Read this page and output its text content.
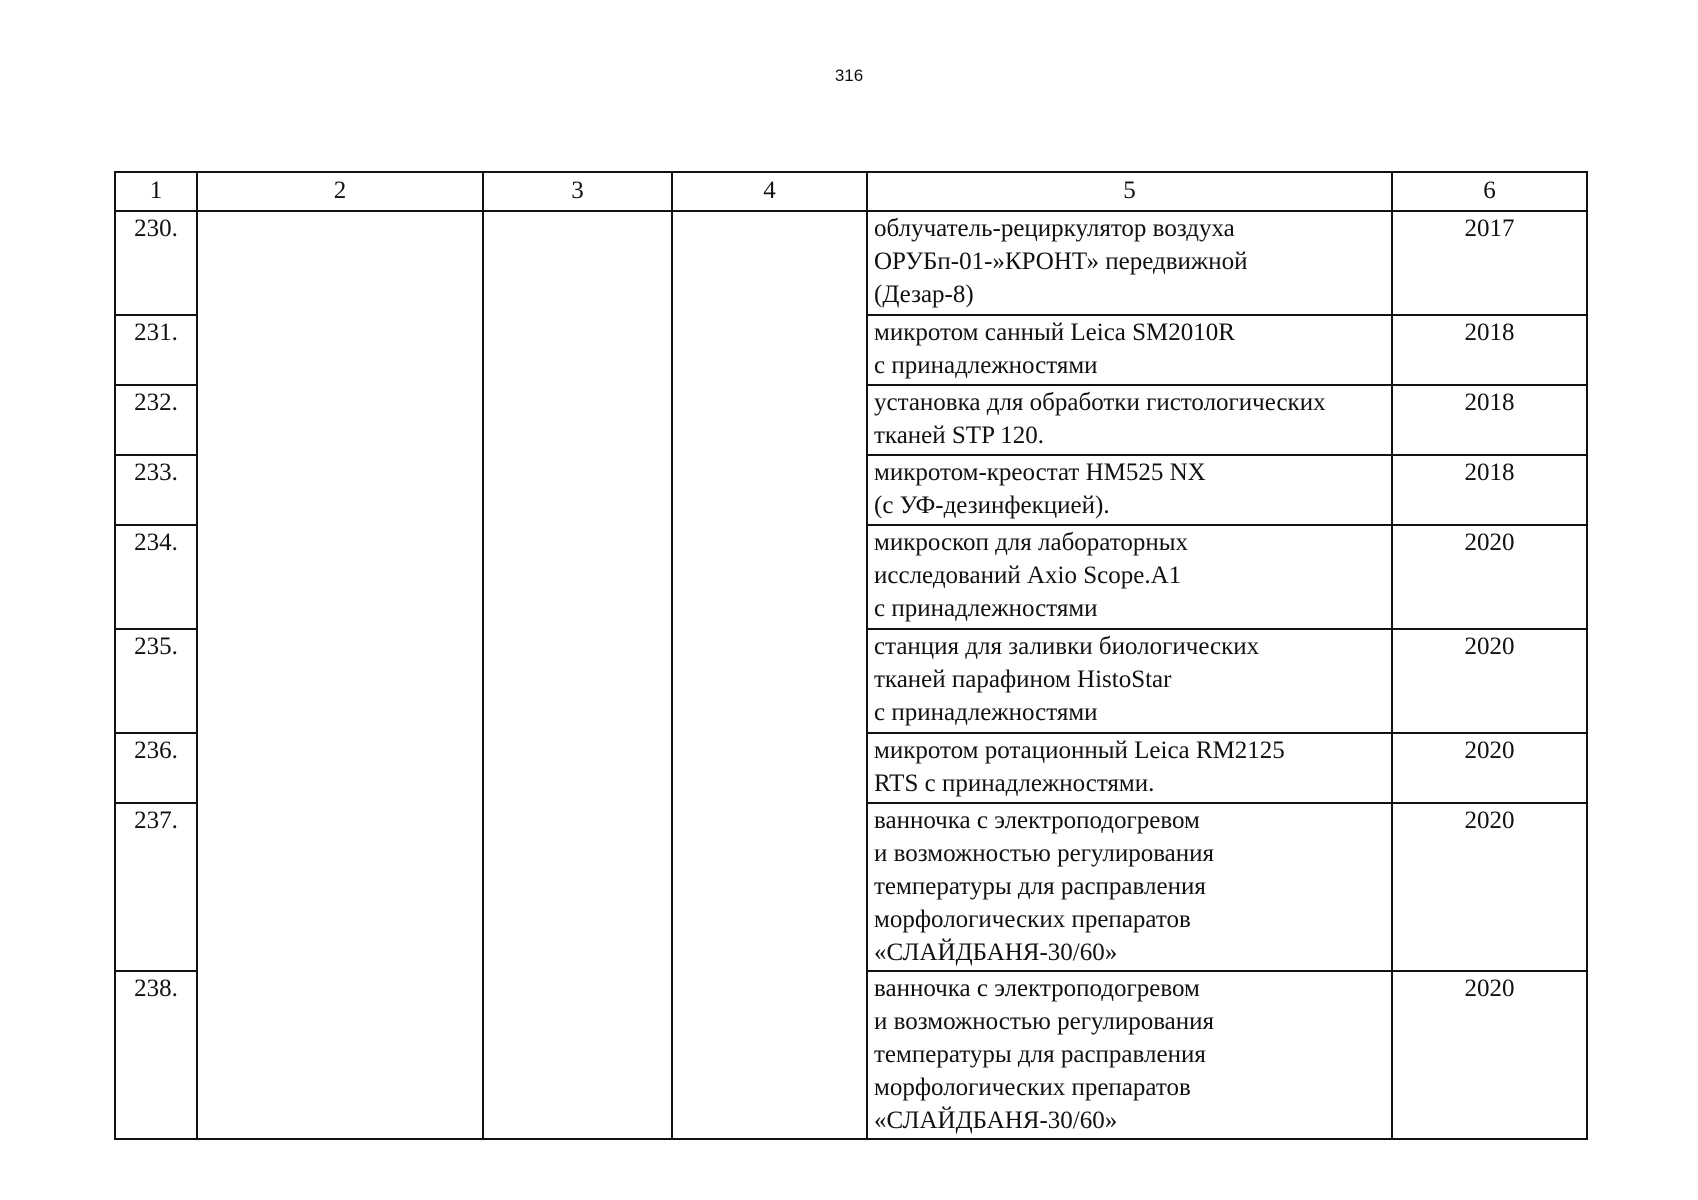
316
1	2	3	4	5	6
230.				облучатель-рециркулятор воздуха
ОРУБп-01-»КРОНТ» передвижной
(Дезар-8)	2017
231.				микротом санный Leica SM2010R
с принадлежностями	2018
232.				установка для обработки гистологических
тканей STP 120.	2018
233.				микротом-креостат HM525 NX
(с УФ-дезинфекцией).	2018
234.				микроскоп для лабораторных
исследований Axio Scope.A1
с принадлежностями	2020
235.				станция для заливки биологических
тканей парафином HistoStar
с принадлежностями	2020
236.				микротом ротационный Leica RM2125
RTS с принадлежностями.	2020
237.				ванночка с электроподогревом
и возможностью регулирования
температуры для расправления
морфологических препаратов
«СЛАЙДБАНЯ-30/60»	2020
238.				ванночка с электроподогревом
и возможностью регулирования
температуры для расправления
морфологических препаратов
«СЛАЙДБАНЯ-30/60»	2020
